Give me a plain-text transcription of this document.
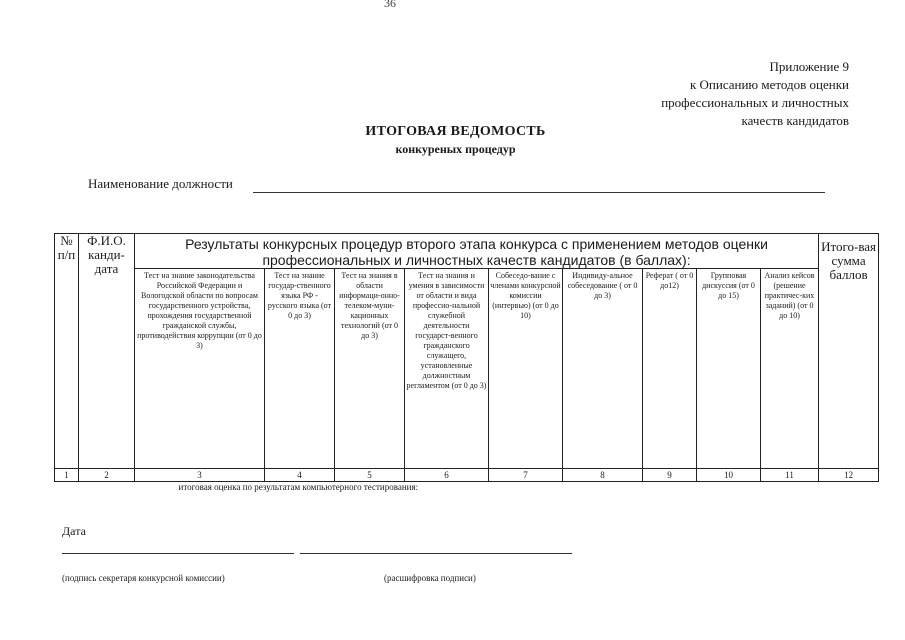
36
Приложение 9
к Описанию методов оценки
профессиональных и личностных
качеств кандидатов
ИТОГОВАЯ ВЕДОМОСТЬ
конкуреных процедур
Наименование должности
№ п/п	Ф.И.О. канди-дата	Результаты конкурсных процедур второго этапа конкурса с применением методов оценки профессиональных и личностных качеств кандидатов (в баллах):									Итого-вая сумма баллов
		Тест на знание законодательства Российской Федерации и Вологодской области по вопросам государственного устройства, прохождения государственной гражданской службы, противодействия коррупции (от 0 до 3)	Тест на знание государ-ственного языка РФ - русского языка (от 0 до 3)	Тест на знания в области информаци-онно-телеком-муни-кационных технологий (от 0 до 3)	Тест на знания и умения в зависимости от области и вида профессио-нальной служебной деятельности государст-венного гражданского служащего, установленные должностным регламентом (от 0 до 3)	Собеседо-вание с членами конкурсной комиссии (интервью) (от 0 до 10)	Индивиду-альное собеседование ( от 0 до 3)	Реферат ( от 0 до12)	Групповая дискуссия (от 0 до 15)	Анализ кейсов (решение практичес-ких заданий) (от 0 до 10)	
1	2	3	4	5	6	7	8	9	10	11	12
	итоговая оценка по результатам компьютерного тестирования:										
Дата
(подпись секретаря конкурсной комиссии)	(расшифровка подписи)
